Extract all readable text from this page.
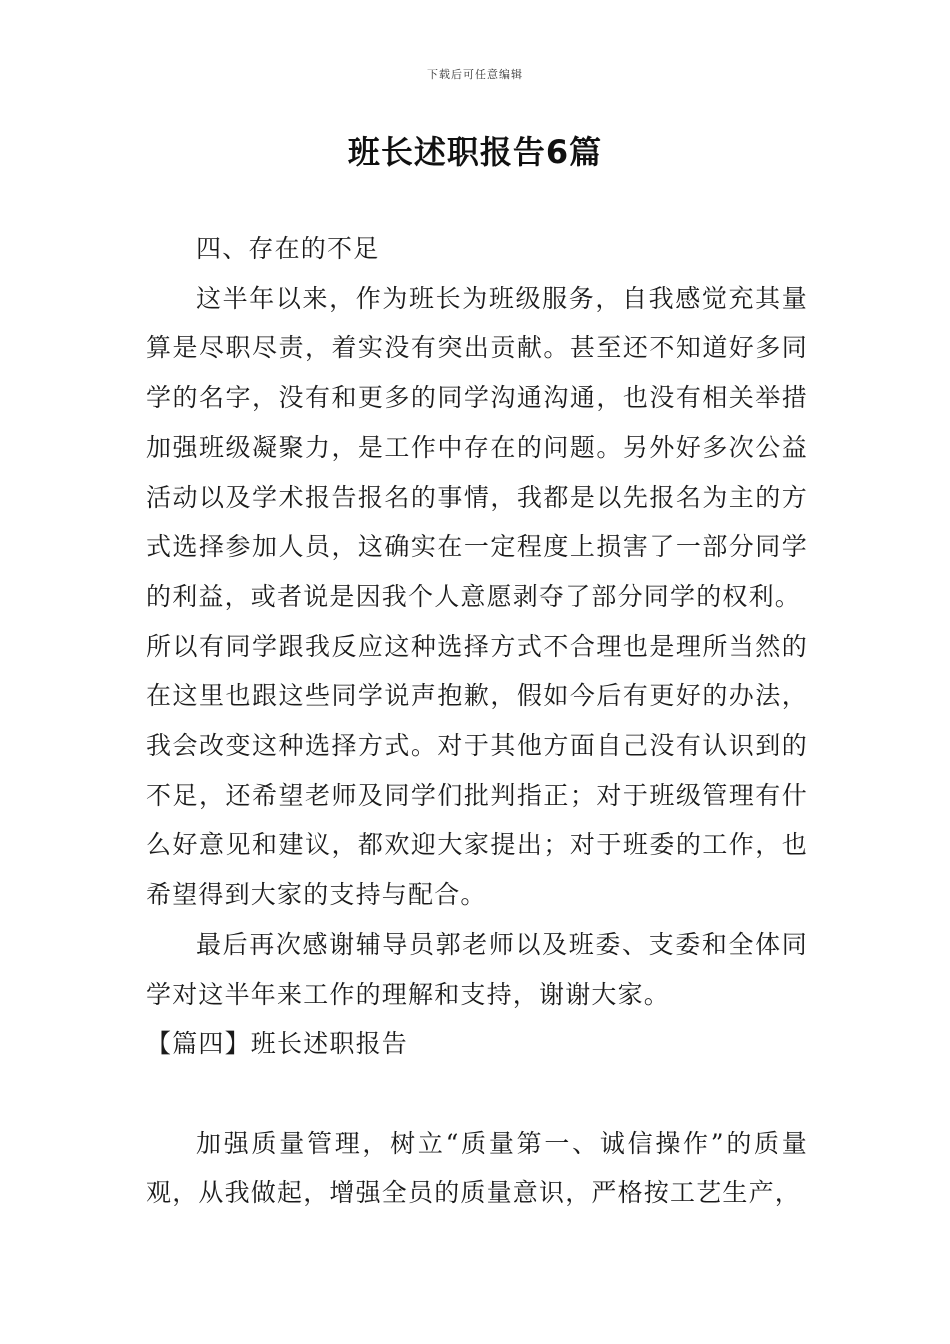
下载后可任意编辑
班长述职报告6篇

四、存在的不足

这半年以来，作为班长为班级服务，自我感觉充其量算是尽职尽责，着实没有突出贡献。甚至还不知道好多同学的名字，没有和更多的同学沟通沟通，也没有相关举措加强班级凝聚力，是工作中存在的问题。另外好多次公益活动以及学术报告报名的事情，我都是以先报名为主的方式选择参加人员，这确实在一定程度上损害了一部分同学的利益，或者说是因我个人意愿剥夺了部分同学的权利。

所以有同学跟我反应这种选择方式不合理也是理所当然的在这里也跟这些同学说声抱歉，假如今后有更好的办法，我会改变这种选择方式。对于其他方面自己没有认识到的不足，还希望老师及同学们批判指正；对于班级管理有什么好意见和建议，都欢迎大家提出；对于班委的工作，也希望得到大家的支持与配合。

最后再次感谢辅导员郭老师以及班委、支委和全体同学对这半年来工作的理解和支持，谢谢大家。

【篇四】班长述职报告

加强质量管理，树立“质量第一、诚信操作”的质量观，从我做起，增强全员的质量意识，严格按工艺生产，
